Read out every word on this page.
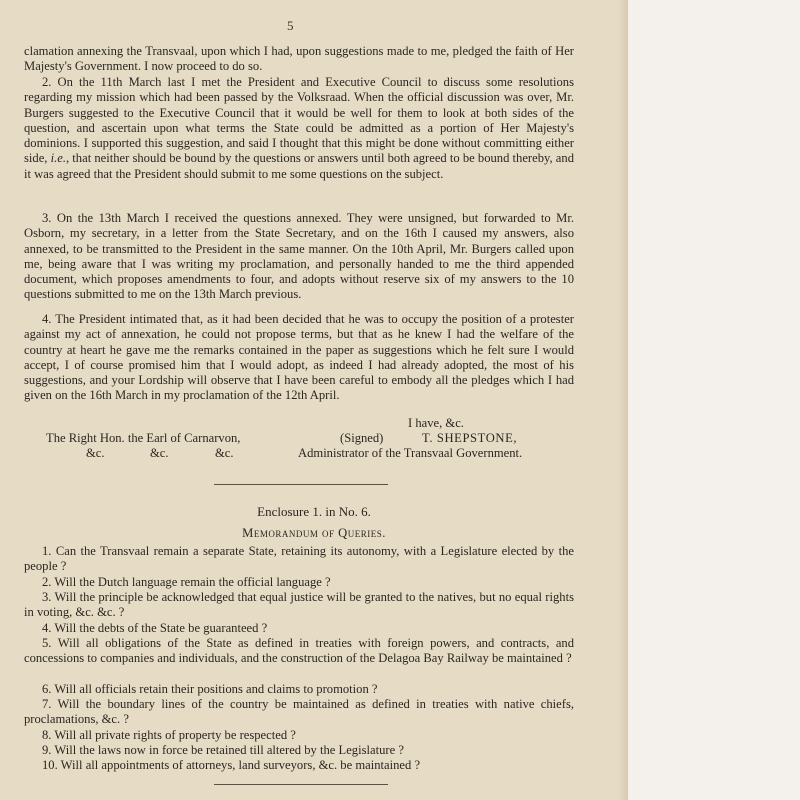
5

clamation annexing the Transvaal, upon which I had, upon suggestions made to me, pledged the faith of Her Majesty's Government. I now proceed to do so.

2. On the 11th March last I met the President and Executive Council to discuss some resolutions regarding my mission which had been passed by the Volksraad. When the official discussion was over, Mr. Burgers suggested to the Executive Council that it would be well for them to look at both sides of the question, and ascertain upon what terms the State could be admitted as a portion of Her Majesty's dominions. I supported this suggestion, and said I thought that this might be done without committing either side, i.e., that neither should be bound by the questions or answers until both agreed to be bound thereby, and it was agreed that the President should submit to me some questions on the subject.

3. On the 13th March I received the questions annexed. They were unsigned, but forwarded to Mr. Osborn, my secretary, in a letter from the State Secretary, and on the 16th I caused my answers, also annexed, to be transmitted to the President in the same manner. On the 10th April, Mr. Burgers called upon me, being aware that I was writing my proclamation, and personally handed to me the third appended document, which proposes amendments to four, and adopts without reserve six of my answers to the 10 questions submitted to me on the 13th March previous.

4. The President intimated that, as it had been decided that he was to occupy the position of a protester against my act of annexation, he could not propose terms, but that as he knew I had the welfare of the country at heart he gave me the remarks contained in the paper as suggestions which he felt sure I would accept, I of course promised him that I would adopt, as indeed I had already adopted, the most of his suggestions, and your Lordship will observe that I have been careful to embody all the pledges which I had given on the 16th March in my proclamation of the 12th April.

I have, &c.
The Right Hon. the Earl of Carnarvon,	(Signed)	T. SHEPSTONE,
&c.	&c.	&c.	Administrator of the Transvaal Government.
Enclosure 1. in No. 6.
Memorandum of Queries.

1. Can the Transvaal remain a separate State, retaining its autonomy, with a Legislature elected by the people ?

2. Will the Dutch language remain the official language ?

3. Will the principle be acknowledged that equal justice will be granted to the natives, but no equal rights in voting, &c. &c. ?

4. Will the debts of the State be guaranteed ?

5. Will all obligations of the State as defined in treaties with foreign powers, and contracts, and concessions to companies and individuals, and the construction of the Delagoa Bay Railway be maintained ?

6. Will all officials retain their positions and claims to promotion ?

7. Will the boundary lines of the country be maintained as defined in treaties with native chiefs, proclamations, &c. ?

8. Will all private rights of property be respected ?

9. Will the laws now in force be retained till altered by the Legislature ?

10. Will all appointments of attorneys, land surveyors, &c. be maintained ?
